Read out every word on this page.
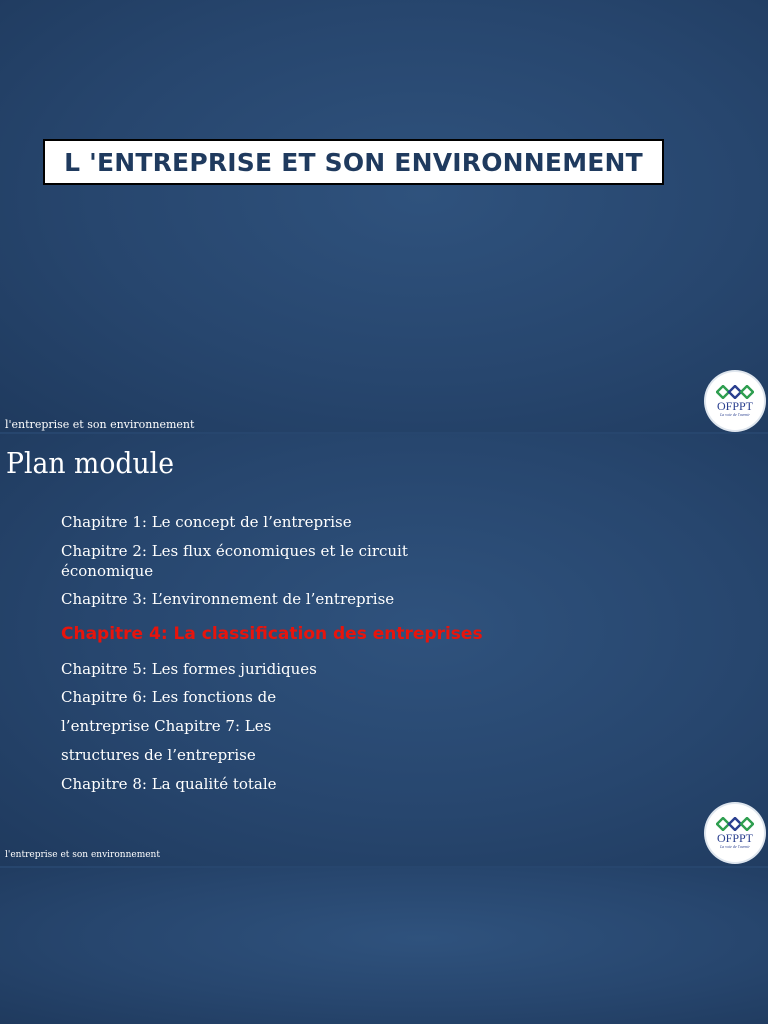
L 'ENTREPRISE ET SON ENVIRONNEMENT
l'entreprise et son environnement
OFPPT
La voie de l'avenir
Plan module
Chapitre 1: Le concept de l’entreprise
Chapitre 2: Les flux économiques et le circuit
économique
Chapitre 3: L’environnement de l’entreprise
Chapitre 4: La classification des entreprises
Chapitre 5: Les formes juridiques
Chapitre 6: Les fonctions de
l’entreprise Chapitre 7: Les
structures de l’entreprise
Chapitre 8: La qualité totale
l'entreprise et son environnement
OFPPT
La voie de l'avenir
